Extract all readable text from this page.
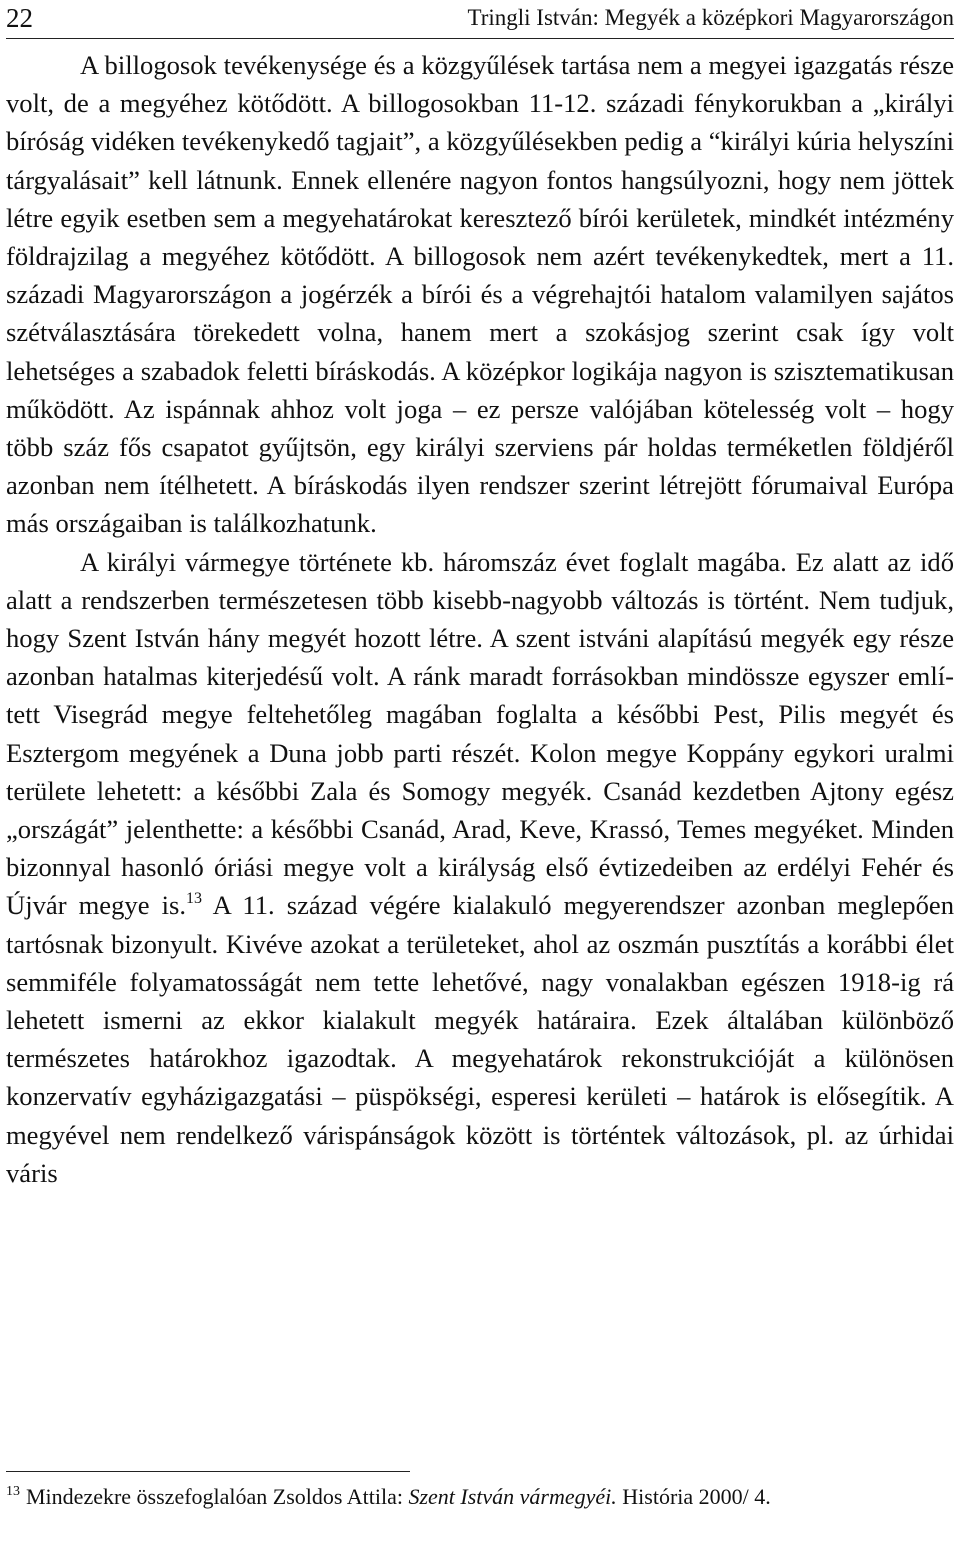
22	Tringli István: Megyék a középkori Magyarországon

A billogosok tevékenysége és a közgyűlések tartása nem a megyei igazgatás része volt, de a megyéhez kötődött. A billogosokban 11-12. századi fénykorukban a „királyi bíróság vidéken tevékenykedő tagjait”, a közgyűlésekben pedig a “királyi kúria helyszíni tárgyalásait” kell látnunk. Ennek ellenére nagyon fontos hangsúlyozni, hogy nem jöttek létre egyik esetben sem a megyehatárokat keresztező bírói kerületek, mindkét intézmény földrajzilag a megyéhez kötődött. A billogosok nem azért tevékenykedtek, mert a 11. századi Magyarországon a jogérzék a bírói és a végrehajtói hatalom valamilyen sajátos szétválasztására törekedett volna, hanem mert a szokásjog szerint csak így volt lehetséges a szabadok feletti bíráskodás. A középkor logikája nagyon is szisztematikusan működött. Az ispánnak ahhoz volt joga – ez persze valójában kötelesség volt – hogy több száz fős csapatot gyűjtsön, egy királyi szerviens pár holdas terméketlen földjéről azonban nem ítélhetett. A bíráskodás ilyen rendszer szerint létrejött fórumaival Európa más országaiban is találkozhatunk.

A királyi vármegye története kb. háromszáz évet foglalt magába. Ez alatt az idő alatt a rendszerben természetesen több kisebb-nagyobb változás is történt. Nem tudjuk, hogy Szent István hány megyét hozott létre. A szent istváni alapítású megyék egy része azonban hatalmas kiterjedésű volt. A ránk maradt forrásokban mindössze egyszer említett Visegrád megye feltehetőleg magában foglalta a későbbi Pest, Pilis megyét és Esztergom megyének a Duna jobb parti részét. Kolon megye Koppány egykori uralmi területe lehetett: a későbbi Zala és Somogy megyék. Csanád kezdetben Ajtony egész „országát” jelenthette: a későbbi Csanád, Arad, Keve, Krassó, Temes megyéket. Minden bizonnyal hasonló óriási megye volt a királyság első évtizedeiben az erdélyi Fehér és Újvár megye is.$^{13}$ A 11. század végére kialakuló megyerendszer azonban meglepően tartósnak bizonyult. Kivéve azokat a területeket, ahol az oszmán pusztítás a korábbi élet semmiféle folyamatosságát nem tette lehetővé, nagy vonalakban egészen 1918-ig rá lehetett ismerni az ekkor kialakult megyék határaira. Ezek általában különböző természetes határokhoz igazodtak. A megyehatárok rekonstrukcióját a különösen konzervatív egyházigazgatási – püspökségi, esperesi kerületi – határok is elősegítik. A megyével nem rendelkező várispánságok között is történtek változások, pl. az úrhidai váris

$^{13}$ Mindezekre összefoglalóan Zsoldos Attila: Szent István vármegyéi. História 2000/ 4.
